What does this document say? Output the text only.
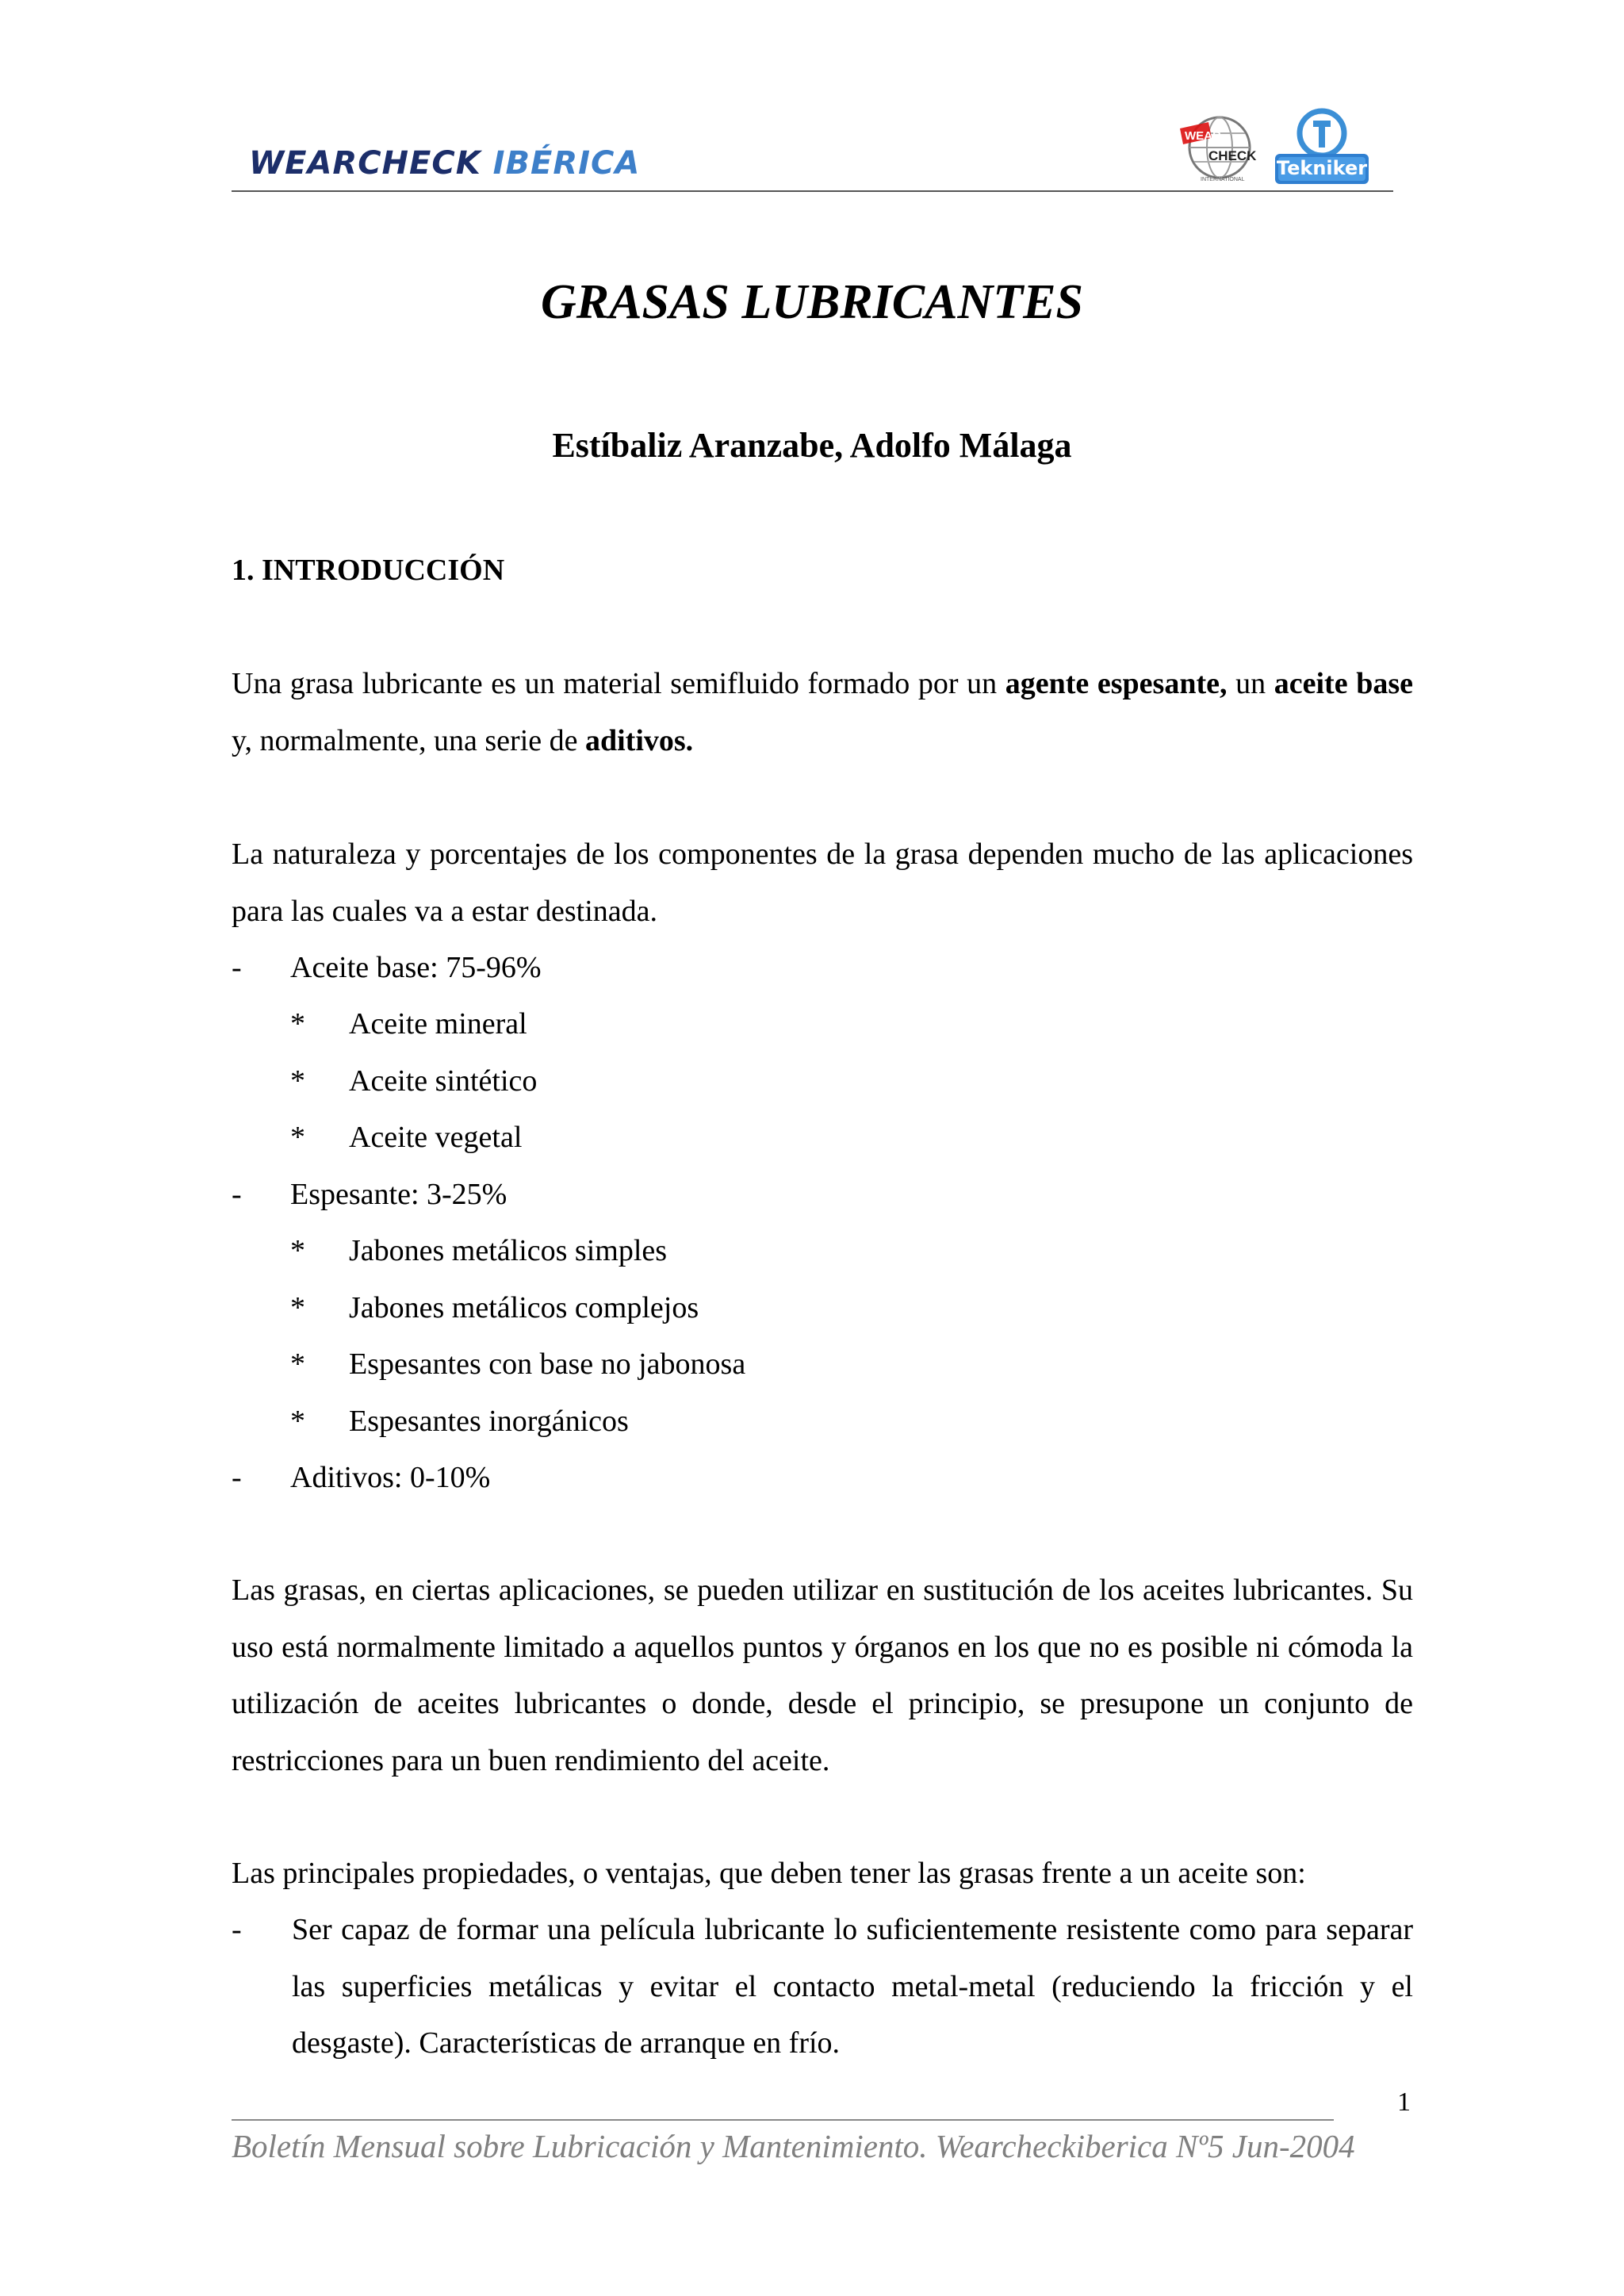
WEARCHECK IBÉRICA
WEAR
CHECK
INTERNATIONAL
Tekniker
GRASAS LUBRICANTES
Estíbaliz Aranzabe, Adolfo Málaga
1. INTRODUCCIÓN

Una grasa lubricante es un material semifluido formado por un agente espesante, un aceite base y, normalmente, una serie de aditivos.

La naturaleza y porcentajes de los componentes de la grasa dependen mucho de las aplicaciones para las cuales va a estar destinada.

- Aceite base: 75-96%
* Aceite mineral
* Aceite sintético
* Aceite vegetal
- Espesante: 3-25%
* Jabones metálicos simples
* Jabones metálicos complejos
* Espesantes con base no jabonosa
* Espesantes inorgánicos
- Aditivos: 0-10%

Las grasas, en ciertas aplicaciones, se pueden utilizar en sustitución de los aceites lubricantes. Su uso está normalmente limitado a aquellos puntos y órganos en los que no es posible ni cómoda la utilización de aceites lubricantes o donde, desde el principio, se presupone un conjunto de restricciones para un buen rendimiento del aceite.

Las principales propiedades, o ventajas, que deben tener las grasas frente a un aceite son:

- Ser capaz de formar una película lubricante lo suficientemente resistente como para separar las superficies metálicas y evitar el contacto metal-metal (reduciendo la fricción y el desgaste). Características de arranque en frío.
1
Boletín Mensual sobre Lubricación y Mantenimiento. Wearcheckiberica Nº5 Jun-2004
